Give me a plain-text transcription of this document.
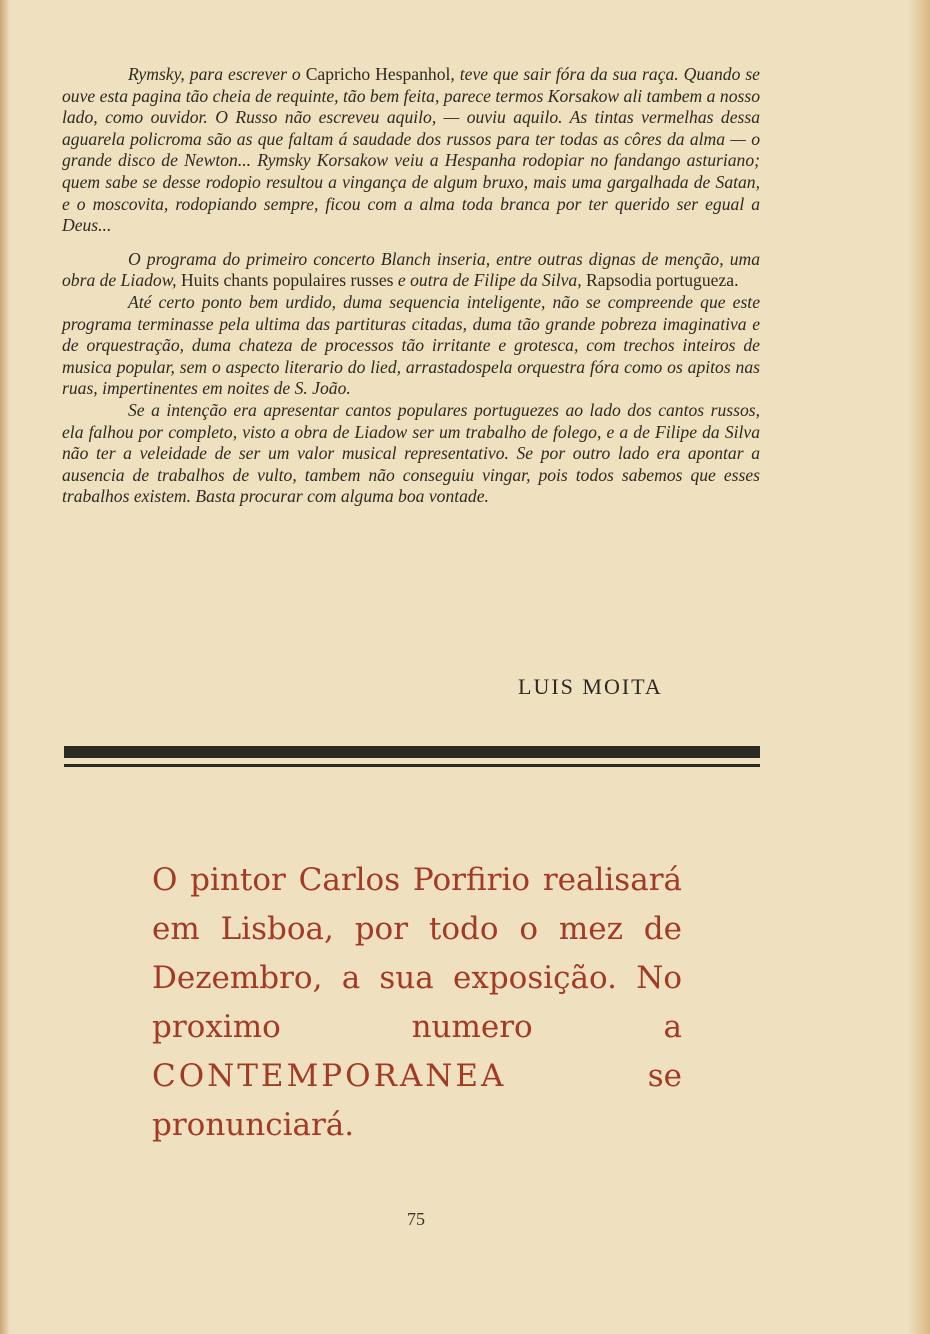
Rymsky, para escrever o Capricho Hespanhol, teve que sair fóra da sua raça. Quando se ouve esta pagina tão cheia de requinte, tão bem feita, parece termos Korsakow ali tambem a nosso lado, como ouvidor. O Russo não escreveu aquilo, — ouviu aquilo. As tintas vermelhas dessa aguarela policroma são as que faltam á saudade dos russos para ter todas as côres da alma — o grande disco de Newton... Rymsky Korsakow veiu a Hespanha rodopiar no fandango asturiano; quem sabe se desse rodopio resultou a vingança de algum bruxo, mais uma gargalhada de Satan, e o moscovita, rodopiando sempre, ficou com a alma toda branca por ter querido ser egual a Deus...

O programa do primeiro concerto Blanch inseria, entre outras dignas de menção, uma obra de Liadow, Huits chants populaires russes e outra de Filipe da Silva, Rapsodia portugueza.

Até certo ponto bem urdido, duma sequencia inteligente, não se compreende que este programa terminasse pela ultima das partituras citadas, duma tão grande pobreza imaginativa e de orquestração, duma chateza de processos tão irritante e grotesca, com trechos inteiros de musica popular, sem o aspecto literario do lied, arrastadospela orquestra fóra como os apitos nas ruas, impertinentes em noites de S. João.

Se a intenção era apresentar cantos populares portuguezes ao lado dos cantos russos, ela falhou por completo, visto a obra de Liadow ser um trabalho de folego, e a de Filipe da Silva não ter a veleidade de ser um valor musical representativo. Se por outro lado era apontar a ausencia de trabalhos de vulto, tambem não conseguiu vingar, pois todos sabemos que esses trabalhos existem. Basta procurar com alguma boa vontade.

LUIS MOITA
O pintor Carlos Porfirio realisará em Lisboa, por todo o mez de Dezembro, a sua exposição. No proximo numero a CONTEMPORANEA se pronunciará.
75
